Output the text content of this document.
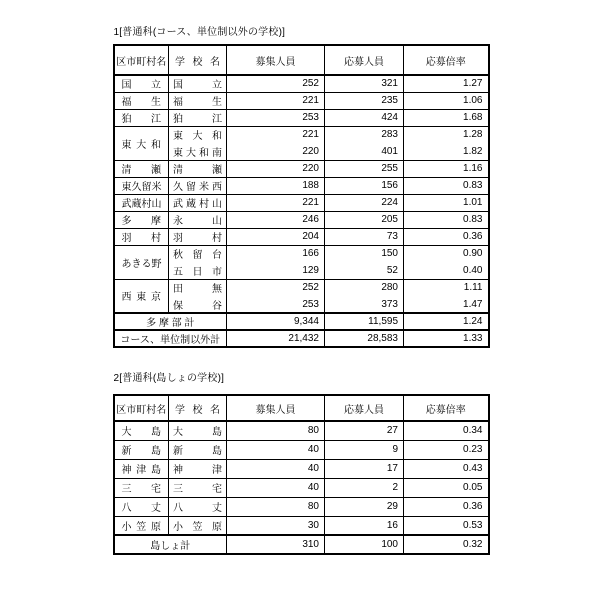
1[普通科(コース、単位制以外の学校)]
区市町村名	学 校 名	募集人員	応募人員	応募倍率

国 立	国 立	252	321	1.27

福 生	福 生	221	235	1.06

狛 江	狛 江	253	424	1.68

東 大 和	東 大 和	221	283	1.28

	東 大 和 南	220	401	1.82

清 瀬	清 瀬	220	255	1.16

東 久 留 米	久 留 米 西	188	156	0.83

武 蔵 村 山	武 蔵 村 山	221	224	1.01

多 摩	永 山	246	205	0.83

羽 村	羽 村	204	73	0.36

あ き る 野	秋 留 台	166	150	0.90

	五 日 市	129	52	0.40

西 東 京	田 無	252	280	1.11

	保 谷	253	373	1.47
多 摩 部 計		9,344	11,595	1.24
コース、単位制以外計		21,432	28,583	1.33
2[普通科(島しょの学校)]
区市町村名	学 校 名	募集人員	応募人員	応募倍率

大 島	大 島	80	27	0.34

新 島	新 島	40	9	0.23

神 津 島	神 津	40	17	0.43

三 宅	三 宅	40	2	0.05

八 丈	八 丈	80	29	0.36

小 笠 原	小 笠 原	30	16	0.53
島しょ計		310	100	0.32
